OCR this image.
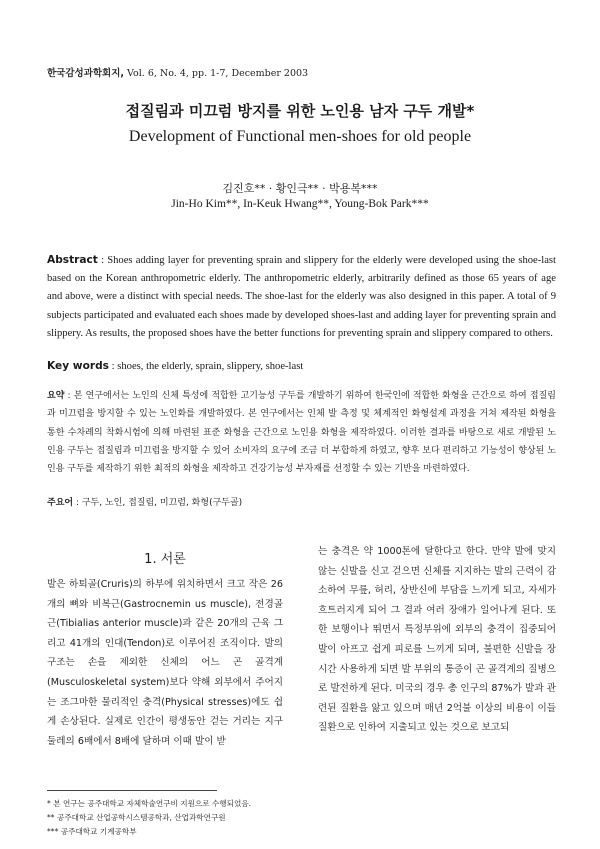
한국감성과학회지, Vol. 6, No. 4, pp. 1-7, December 2003
접질림과 미끄럼 방지를 위한 노인용 남자 구두 개발*
Development of Functional men-shoes for old people
김진호** · 황인극** · 박용복***
Jin-Ho Kim**, In-Keuk Hwang**, Young-Bok Park***
Abstract : Shoes adding layer for preventing sprain and slippery for the elderly were developed using the shoe-last based on the Korean anthropometric elderly. The anthropometric elderly, arbitrarily defined as those 65 years of age and above, were a distinct with special needs. The shoe-last for the elderly was also designed in this paper. A total of 9 subjects participated and evaluated each shoes made by developed shoes-last and adding layer for preventing sprain and slippery. As results, the proposed shoes have the better functions for preventing sprain and slippery compared to others.
Key words : shoes, the elderly, sprain, slippery, shoe-last
요약 : 본 연구에서는 노인의 신체 특성에 적합한 고기능성 구두를 개발하기 위하여 한국인에 적합한 화형을 근간으로 하여 접질림과 미끄럼을 방지할 수 있는 노인화를 개발하였다. 본 연구에서는 인체 발 측정 및 체계적인 화형설계 과정을 거쳐 제작된 화형을 통한 수차례의 착화시험에 의해 마련된 표준 화형을 근간으로 노인용 화형을 제작하였다. 이러한 결과를 바탕으로 새로 개발된 노인용 구두는 접질림과 미끄럼을 방지할 수 있어 소비자의 요구에 조금 더 부합하게 하였고, 향후 보다 편리하고 기능성이 향상된 노인용 구두를 제작하기 위한 최적의 화형을 제작하고 건강기능성 부자재를 선정할 수 있는 기반을 마련하였다.
주요어 : 구두, 노인, 접질림, 미끄럼, 화형(구두골)
1. 서론
발은 하퇴골(Cruris)의 하부에 위치하면서 크고 작은 26개의 뼈와 비복근(Gastrocnemin us muscle), 전경골근(Tibialias anterior muscle)과 같은 20개의 근육 그리고 41개의 인대(Tendon)로 이루어진 조직이다. 발의 구조는 손을 제외한 신체의 어느 곤 골격계(Musculoskeletal system)보다 약해 외부에서 주어지는 조그마한 물리적인 충격(Physical stresses)에도 쉽게 손상된다. 실제로 인간이 평생동안 걷는 거리는 지구 둘레의 6배에서 8배에 달하며 이때 발이 받
는 충격은 약 1000톤에 달한다고 한다. 만약 발에 맞지 않는 신발을 신고 걷으면 신체를 지지하는 발의 근력이 감소하여 무릎, 허리, 상반신에 부담을 느끼게 되고, 자세가 흐트러지게 되어 그 결과 여러 장애가 일어나게 된다. 또한 보행이나 뛰면서 특정부위에 외부의 충격이 집중되어 발이 아프고 쉽게 피로를 느끼게 되며, 불편한 신발을 장시간 사용하게 되면 발 부위의 통증이 곤 골격계의 질병으로 발전하게 된다. 미국의 경우 총 인구의 87%가 발과 관련된 질환을 앓고 있으며 매년 2억불 이상의 비용이 이들 질환으로 인하여 지출되고 있는 것으로 보고되
* 본 연구는 공주대학교 자체학술연구비 지원으로 수행되었음.
** 공주대학교 산업공학시스템공학과, 산업과학연구원
*** 공주대학교 기계공학부
